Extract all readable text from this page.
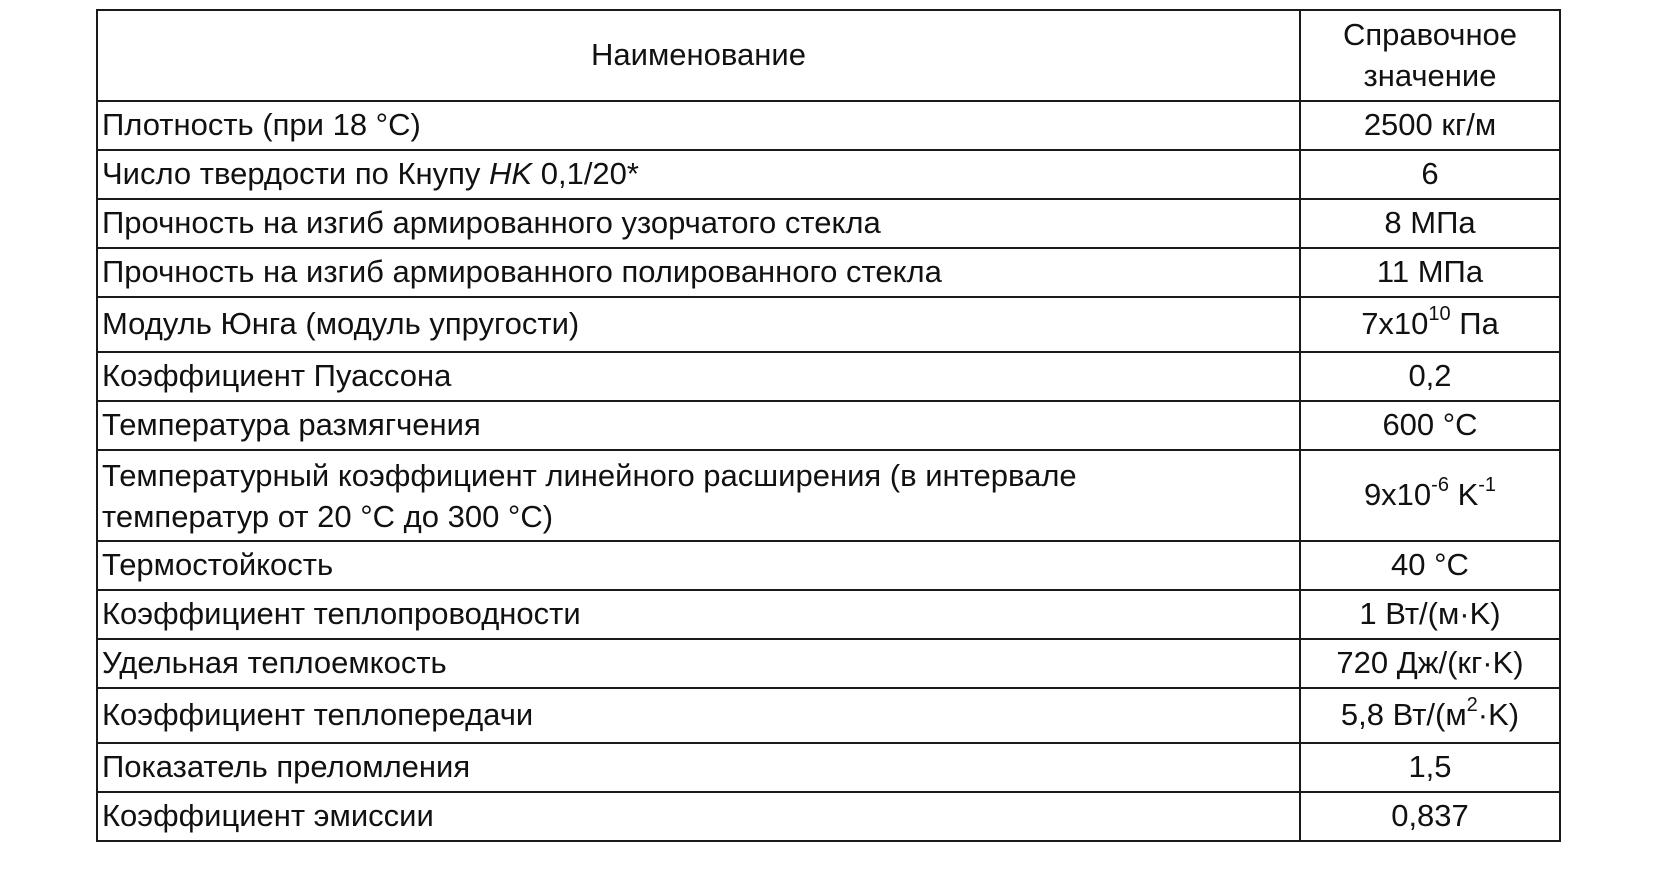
Наименование	Справочное
значение
Плотность (при 18 °С)	2500 кг/м
Число твердости по Кнупу HK 0,1/20*	6
Прочность на изгиб армированного узорчатого стекла	8 МПа
Прочность на изгиб армированного полированного стекла	11 МПа
Модуль Юнга (модуль упругости)	$7x10^{10}$ Па
Коэффициент Пуассона	0,2
Температура размягчения	600 °С
Температурный коэффициент линейного расширения (в интервале
температур от 20 °С до 300 °С)	$9x10^{-6}$ $K^{-1}$
Термостойкость	40 °С
Коэффициент теплопроводности	1 Вт/(м·K)
Удельная теплоемкость	720 Дж/(кг·K)
Коэффициент теплопередачи	5,8 $Вт/(м^2\cdot K)$
Показатель преломления	1,5
Коэффициент эмиссии	0,837
